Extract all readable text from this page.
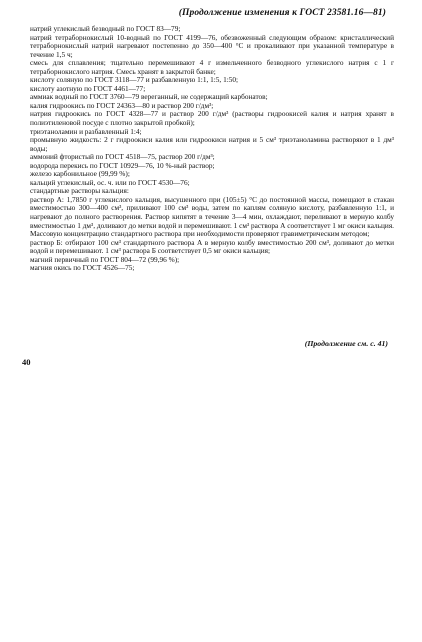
(Продолжение изменения к ГОСТ 23581.16—81)

натрий углекислый безводный по ГОСТ 83—79;

натрий тетраборнокислый 10-водный по ГОСТ 4199—76, обезвоженный следующим образом: кристаллический тетраборнокислый натрий нагревают постепенно до 350—400 °С и прокаливают при указанной температуре в течение 1,5 ч;

смесь для сплавления; тщательно перемешивают 4 г измельченного безводного углекислого натрия с 1 г тетраборнокислого натрия. Смесь хранят в закрытой банке;

кислоту соляную по ГОСТ 3118—77 и разбавленную 1:1, 1:5, 1:50;

кислоту азотную по ГОСТ 4461—77;

аммиак водный по ГОСТ 3760—79 вереганный, не содержащий карбонатов;

калия гидроокись по ГОСТ 24363—80 и раствор 200 г/дм³;

натрия гидроокись по ГОСТ 4328—77 и раствор 200 г/дм³ (растворы гидроокисей калия и натрия хранят в полиэтиленовой посуде с плотно закрытой пробкой);

триэтаноламин и разбавленный 1:4;

промывную жидкость: 2 г гидроокиси калия или гидроокиси натрия и 5 см³ триэтаноламина растворяют в 1 дм³ воды;

аммоний фтористый по ГОСТ 4518—75, раствор 200 г/дм³;

водорода перекись по ГОСТ 10929—76, 10 %-ный раствор;

железо карбонильное (99,99 %);

кальций углекислый, ос. ч. или по ГОСТ 4530—76;

стандартные растворы кальция:

раствор А: 1,7850 г углекислого кальция, высушенного при (105±5) °С до постоянной массы, помещают в стакан вместимостью 300—400 см³, приливают 100 см³ воды, затем по каплям соляную кислоту, разбавленную 1:1, и нагревают до полного растворения. Раствор кипятят в течение 3—4 мин, охлаждают, переливают в мерную колбу вместимостью 1 дм³, доливают до метки водой и перемешивают. 1 см³ раствора А соответствует 1 мг окиси кальция. Массовую концентрацию стандартного раствора при необходимости проверяют гравиметрическим методом;

раствор Б: отбирают 100 см³ стандартного раствора А в мерную колбу вместимостью 200 см³, доливают до метки водой и перемешивают. 1 см³ раствора Б соответствует 0,5 мг окиси кальция;

магний первичный по ГОСТ 804—72 (99,96 %);

магния окись по ГОСТ 4526—75;

(Продолжение см. с. 41)
40
